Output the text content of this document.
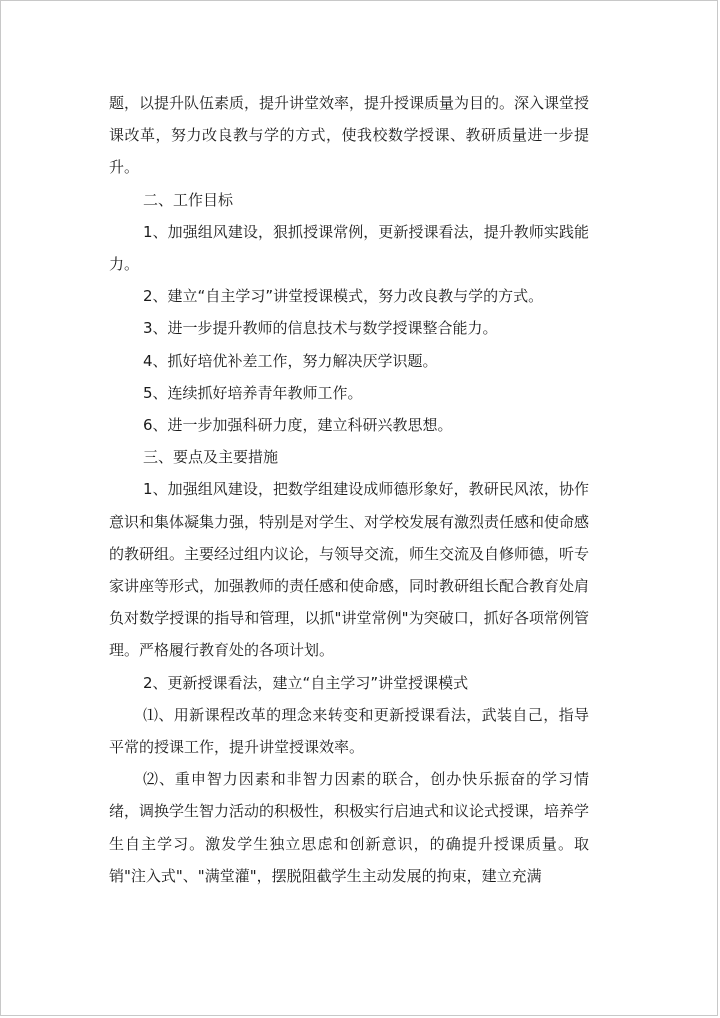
题，以提升队伍素质，提升讲堂效率，提升授课质量为目的。深入课堂授课改革，努力改良教与学的方式，使我校数学授课、教研质量进一步提升。

二、工作目标

1、加强组风建设，狠抓授课常例，更新授课看法，提升教师实践能力。

2、建立“自主学习”讲堂授课模式，努力改良教与学的方式。

3、进一步提升教师的信息技术与数学授课整合能力。

4、抓好培优补差工作，努力解决厌学识题。

5、连续抓好培养青年教师工作。

6、进一步加强科研力度，建立科研兴教思想。

三、要点及主要措施

1、加强组风建设，把数学组建设成师德形象好，教研民风浓，协作意识和集体凝集力强，特别是对学生、对学校发展有激烈责任感和使命感的教研组。主要经过组内议论，与领导交流，师生交流及自修师德，听专家讲座等形式，加强教师的责任感和使命感，同时教研组长配合教育处肩负对数学授课的指导和管理，以抓"讲堂常例"为突破口，抓好各项常例管理。严格履行教育处的各项计划。

2、更新授课看法，建立“自主学习”讲堂授课模式

⑴、用新课程改革的理念来转变和更新授课看法，武装自己，指导平常的授课工作，提升讲堂授课效率。

⑵、重申智力因素和非智力因素的联合，创办快乐振奋的学习情绪，调换学生智力活动的积极性，积极实行启迪式和议论式授课，培养学生自主学习。激发学生独立思虑和创新意识，的确提升授课质量。取销"注入式"、"满堂灌"，摆脱阻截学生主动发展的拘束，建立充满
